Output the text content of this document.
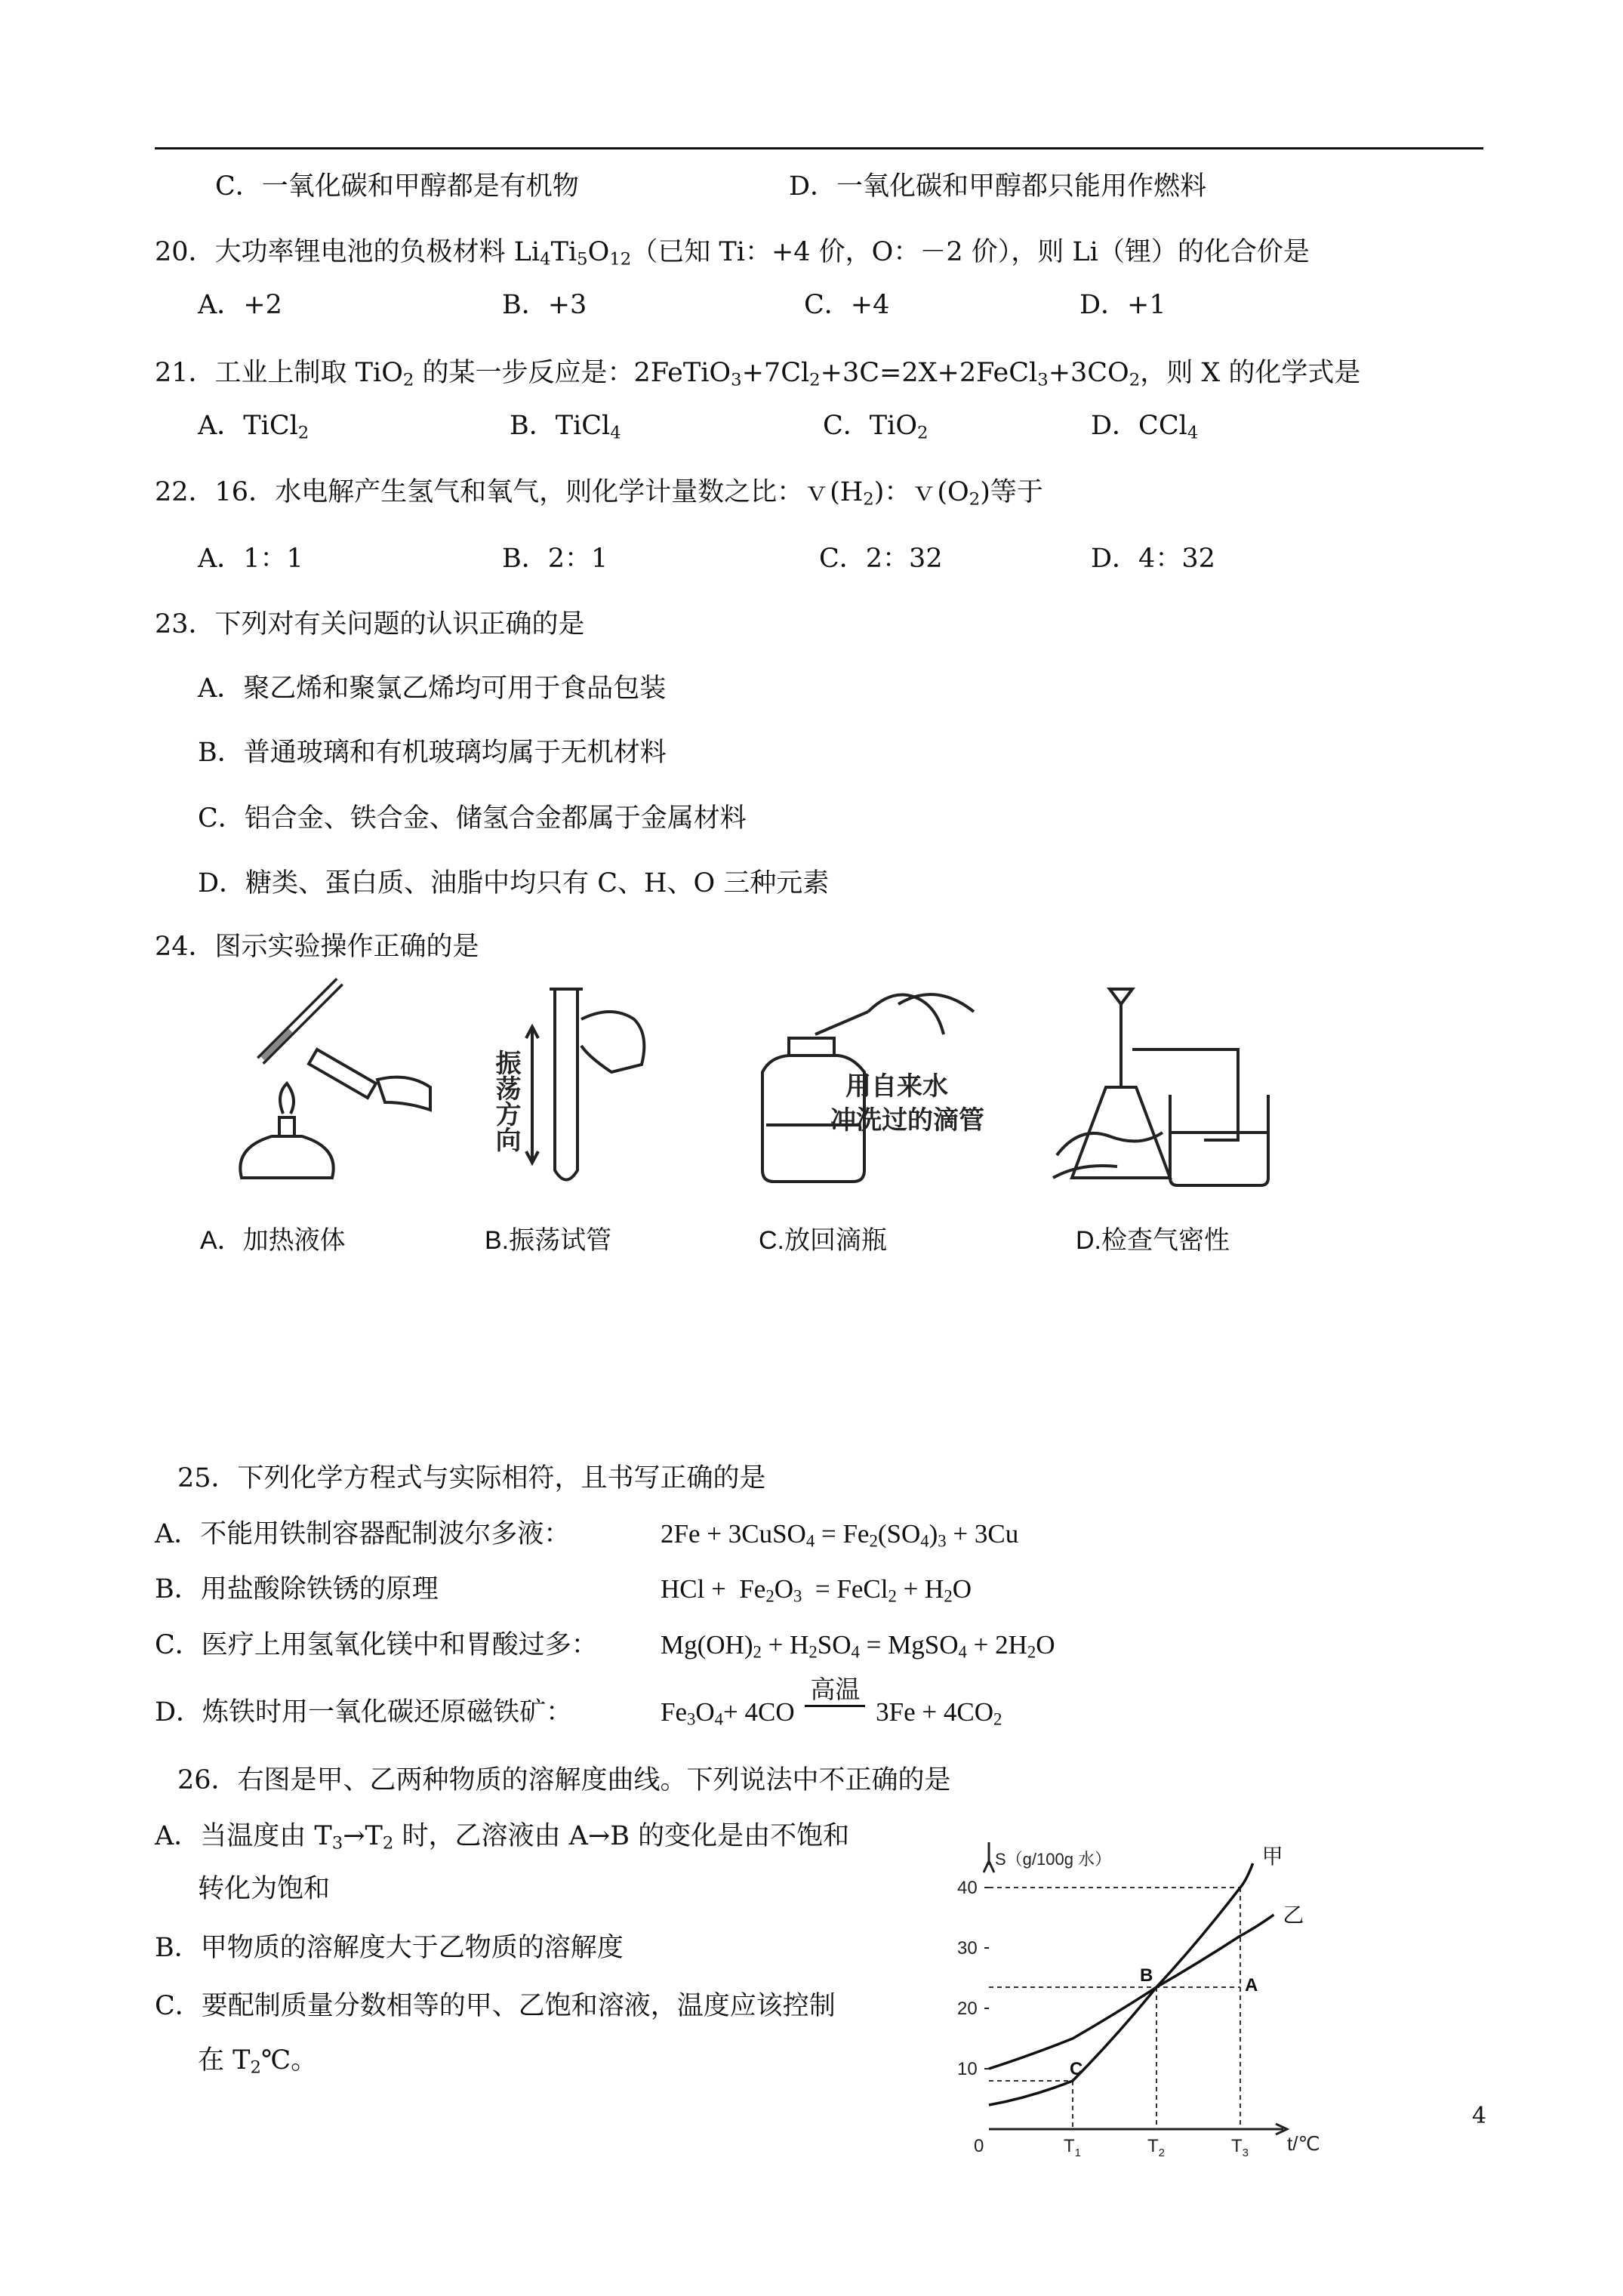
C．一氧化碳和甲醇都是有机物	D．一氧化碳和甲醇都只能用作燃料
20．大功率锂电池的负极材料 $Li_4Ti_5O_{12}$（已知 Ti：+4 价，O：－2 价），则 Li（锂）的化合价是
A．+2	B．+3	C．+4	D．+1
21．工业上制取 TiO$_2$ 的某一步反应是：$2FeTiO_3+7Cl_2+3C=2X+2FeCl_3+3CO_2$，则 X 的化学式是
A．TiCl$_2$	B．TiCl$_4$	C．TiO$_2$	D．CCl$_4$
22．16．水电解产生氢气和氧气，则化学计量数之比：$v(H_2)$：$v(O_2)$等于
A．1：1	B．2：1	C．2：32	D．4：32
23．下列对有关问题的认识正确的是
A．聚乙烯和聚氯乙烯均可用于食品包装
B．普通玻璃和有机玻璃均属于无机材料
C．铝合金、铁合金、储氢合金都属于金属材料
D．糖类、蛋白质、油脂中均只有 C、H、O 三种元素
24．图示实验操作正确的是
振荡方向	用自来水
冲洗过的滴管
A．加热液体	B.振荡试管	C.放回滴瓶	D.检查气密性
25．下列化学方程式与实际相符，且书写正确的是
A．不能用铁制容器配制波尔多液：	2Fe + 3CuSO$_4$ = $Fe_2(SO_4)_3 + 3Cu$
B．用盐酸除铁锈的原理	HCl +  $Fe_2O_3$  = FeCl$_2$ + $H_2O$
C．医疗上用氢氧化镁中和胃酸过多： $Mg(OH)_2 + H_2SO_4$ = MgSO$_4$ + $2H_2O$
D．炼铁时用一氧化碳还原磁铁矿：	$Fe_3O_4+ 4CO$
高温
$3Fe + 4CO_2$
26．右图是甲、乙两种物质的溶解度曲线。下列说法中不正确的是
A．当温度由 $T_3\to T_2$ 时，乙溶液由 A→B 的变化是由不饱和
转化为饱和
B．甲物质的溶解度大于乙物质的溶解度
C．要配制质量分数相等的甲、乙饱和溶液，温度应该控制
在 $T_2℃$。
S（g/100g 水）
t/℃
10
20
30
40
0	$T_1$	$T_2$	$T_3$
甲
乙
A
B
C
4
